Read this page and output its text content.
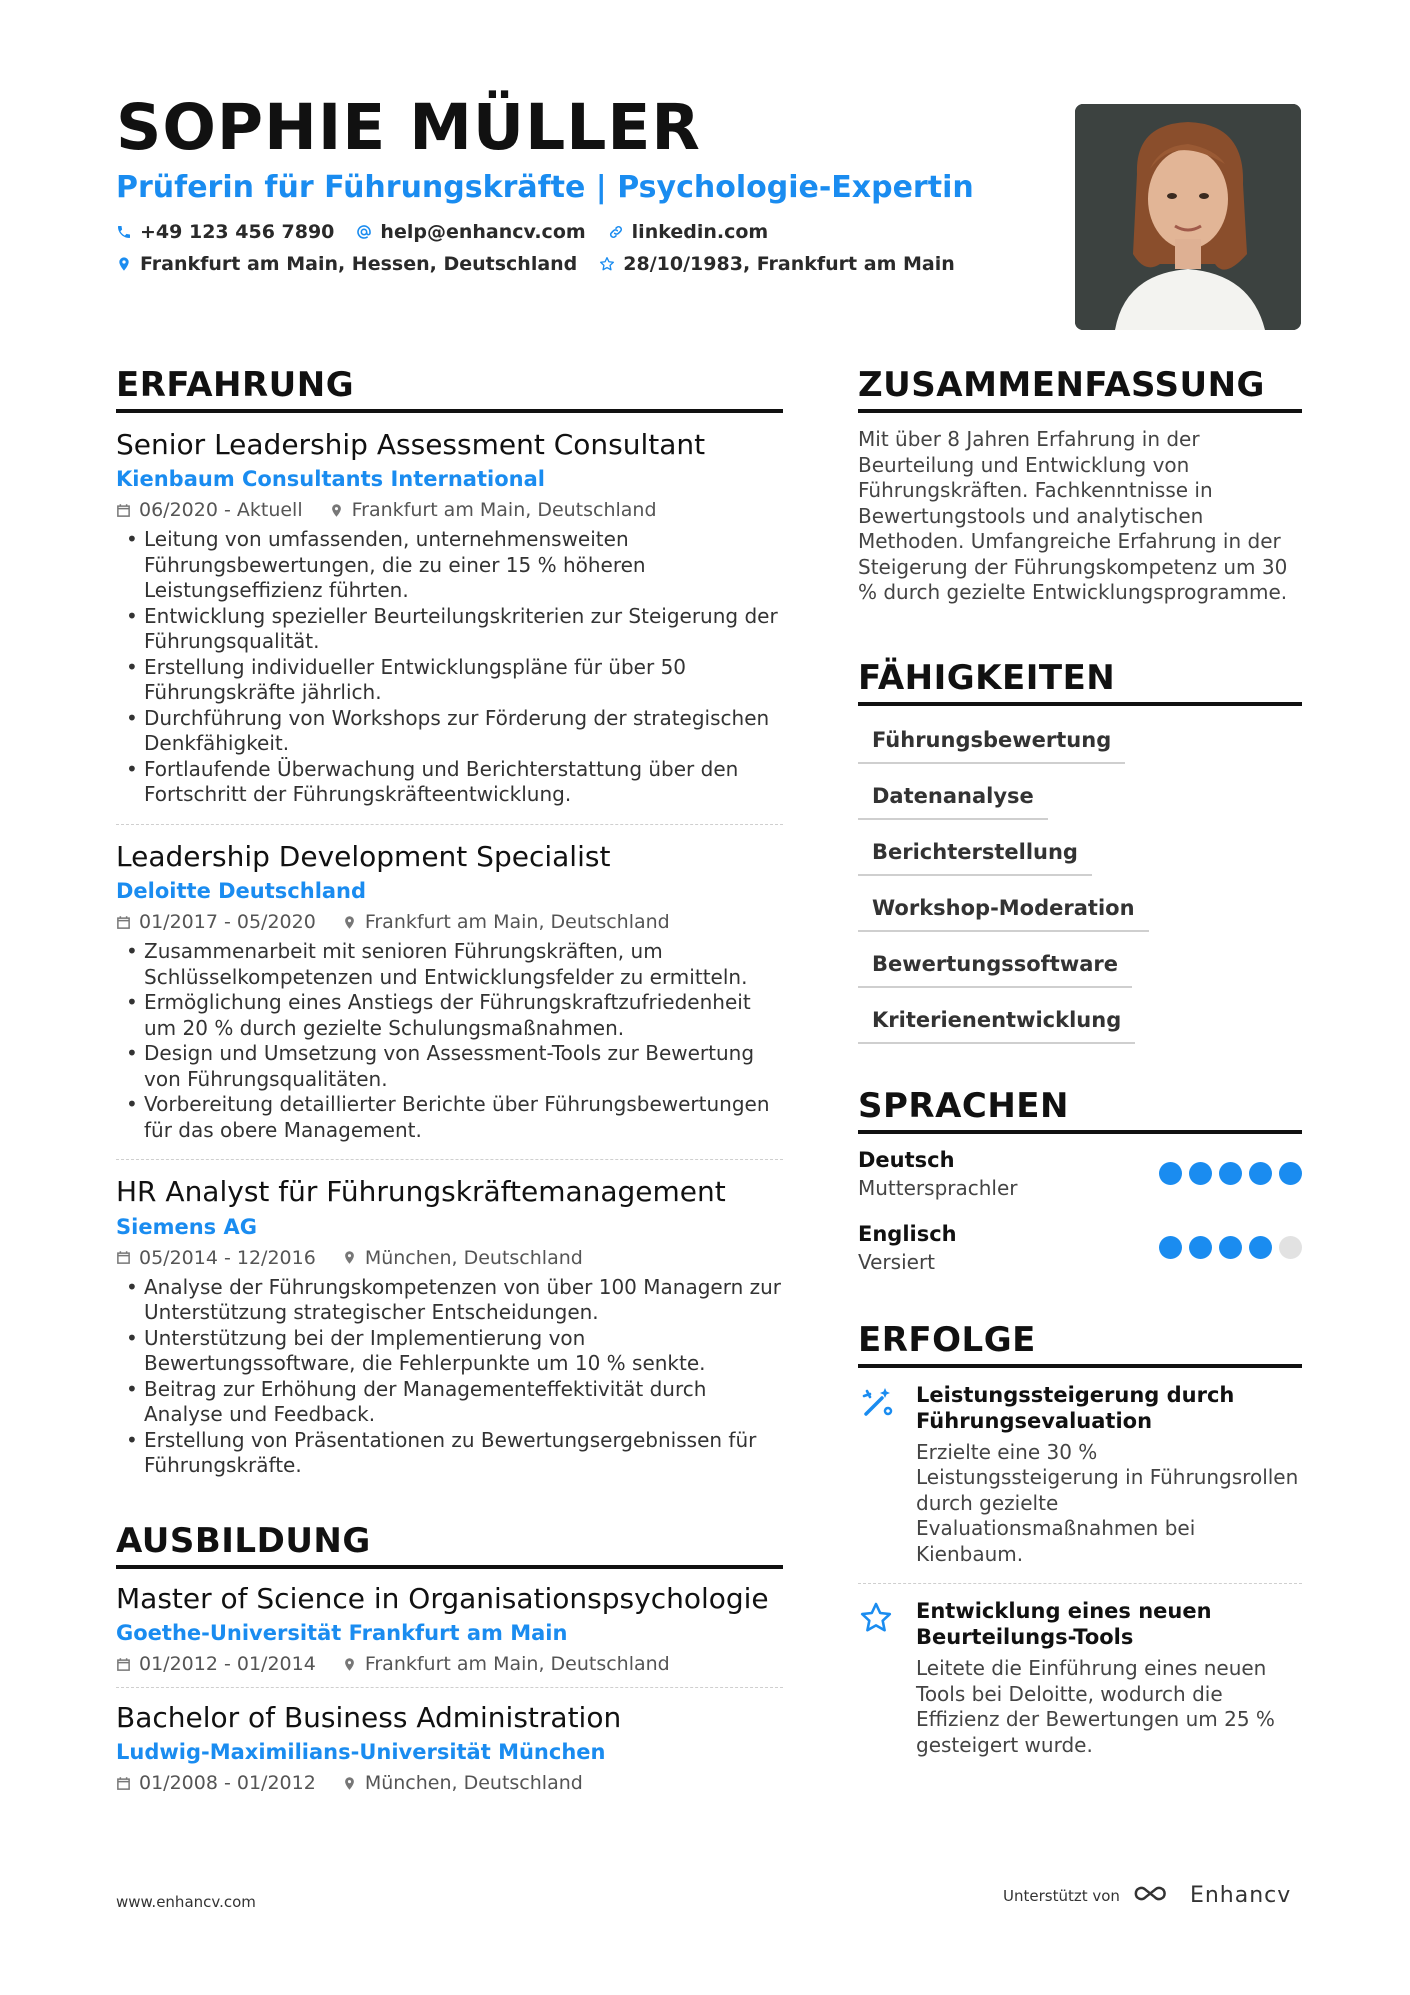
SOPHIE MÜLLER
Prüferin für Führungskräfte | Psychologie-Expertin
+49 123 456 7890 help@enhancv.com linkedin.com
Frankfurt am Main, Hessen, Deutschland 28/10/1983, Frankfurt am Main
ERFAHRUNG
Senior Leadership Assessment Consultant
Kienbaum Consultants International
06/2020 - Aktuell	Frankfurt am Main, Deutschland
• Leitung von umfassenden, unternehmensweiten Führungsbewertungen, die zu einer 15 % höheren Leistungseffizienz führten.
• Entwicklung spezieller Beurteilungskriterien zur Steigerung der Führungsqualität.
• Erstellung individueller Entwicklungspläne für über 50 Führungskräfte jährlich.
• Durchführung von Workshops zur Förderung der strategischen Denkfähigkeit.
• Fortlaufende Überwachung und Berichterstattung über den Fortschritt der Führungskräfteentwicklung.
Leadership Development Specialist
Deloitte Deutschland
01/2017 - 05/2020	Frankfurt am Main, Deutschland
• Zusammenarbeit mit senioren Führungskräften, um Schlüsselkompetenzen und Entwicklungsfelder zu ermitteln.
• Ermöglichung eines Anstiegs der Führungskraftzufriedenheit um 20 % durch gezielte Schulungsmaßnahmen.
• Design und Umsetzung von Assessment-Tools zur Bewertung von Führungsqualitäten.
• Vorbereitung detaillierter Berichte über Führungsbewertungen für das obere Management.
HR Analyst für Führungskräftemanagement
Siemens AG
05/2014 - 12/2016	München, Deutschland
• Analyse der Führungskompetenzen von über 100 Managern zur Unterstützung strategischer Entscheidungen.
• Unterstützung bei der Implementierung von Bewertungssoftware, die Fehlerpunkte um 10 % senkte.
• Beitrag zur Erhöhung der Managementeffektivität durch Analyse und Feedback.
• Erstellung von Präsentationen zu Bewertungsergebnissen für Führungskräfte.
AUSBILDUNG
Master of Science in Organisationspsychologie
Goethe-Universität Frankfurt am Main
01/2012 - 01/2014	Frankfurt am Main, Deutschland
Bachelor of Business Administration
Ludwig-Maximilians-Universität München
01/2008 - 01/2012	München, Deutschland
ZUSAMMENFASSUNG
Mit über 8 Jahren Erfahrung in der Beurteilung und Entwicklung von Führungskräften. Fachkenntnisse in Bewertungstools und analytischen Methoden. Umfangreiche Erfahrung in der Steigerung der Führungskompetenz um 30 % durch gezielte Entwicklungsprogramme.
FÄHIGKEITEN
Führungsbewertung
Datenanalyse
Berichterstellung
Workshop-Moderation
Bewertungssoftware
Kriterienentwicklung
SPRACHEN
Deutsch
Muttersprachler
Englisch
Versiert
ERFOLGE
Leistungssteigerung durch Führungsevaluation
Erzielte eine 30 % Leistungssteigerung in Führungsrollen durch gezielte Evaluationsmaßnahmen bei Kienbaum.
Entwicklung eines neuen Beurteilungs-Tools
Leitete die Einführung eines neuen Tools bei Deloitte, wodurch die Effizienz der Bewertungen um 25 % gesteigert wurde.
www.enhancv.com	Unterstützt von	Enhancv
